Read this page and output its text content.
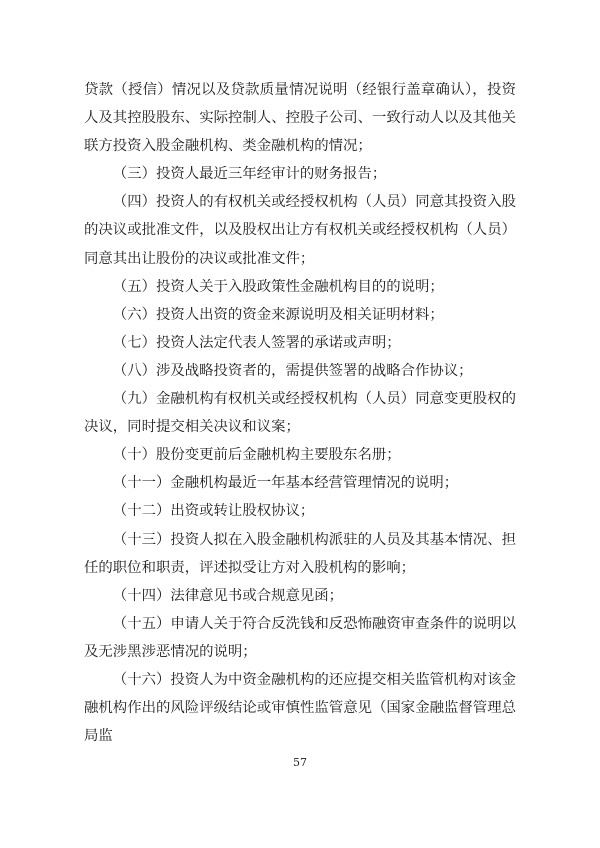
贷款（授信）情况以及贷款质量情况说明（经银行盖章确认），投资人及其控股股东、实际控制人、控股子公司、一致行动人以及其他关联方投资入股金融机构、类金融机构的情况；

（三）投资人最近三年经审计的财务报告；

（四）投资人的有权机关或经授权机构（人员）同意其投资入股的决议或批准文件，以及股权出让方有权机关或经授权机构（人员）同意其出让股份的决议或批准文件；

（五）投资人关于入股政策性金融机构目的的说明；

（六）投资人出资的资金来源说明及相关证明材料；

（七）投资人法定代表人签署的承诺或声明；

（八）涉及战略投资者的，需提供签署的战略合作协议；

（九）金融机构有权机关或经授权机构（人员）同意变更股权的决议，同时提交相关决议和议案；

（十）股份变更前后金融机构主要股东名册；

（十一）金融机构最近一年基本经营管理情况的说明；

（十二）出资或转让股权协议；

（十三）投资人拟在入股金融机构派驻的人员及其基本情况、担任的职位和职责，评述拟受让方对入股机构的影响；

（十四）法律意见书或合规意见函；

（十五）申请人关于符合反洗钱和反恐怖融资审查条件的说明以及无涉黑涉恶情况的说明；

（十六）投资人为中资金融机构的还应提交相关监管机构对该金融机构作出的风险评级结论或审慎性监管意见（国家金融监督管理总局监

57
